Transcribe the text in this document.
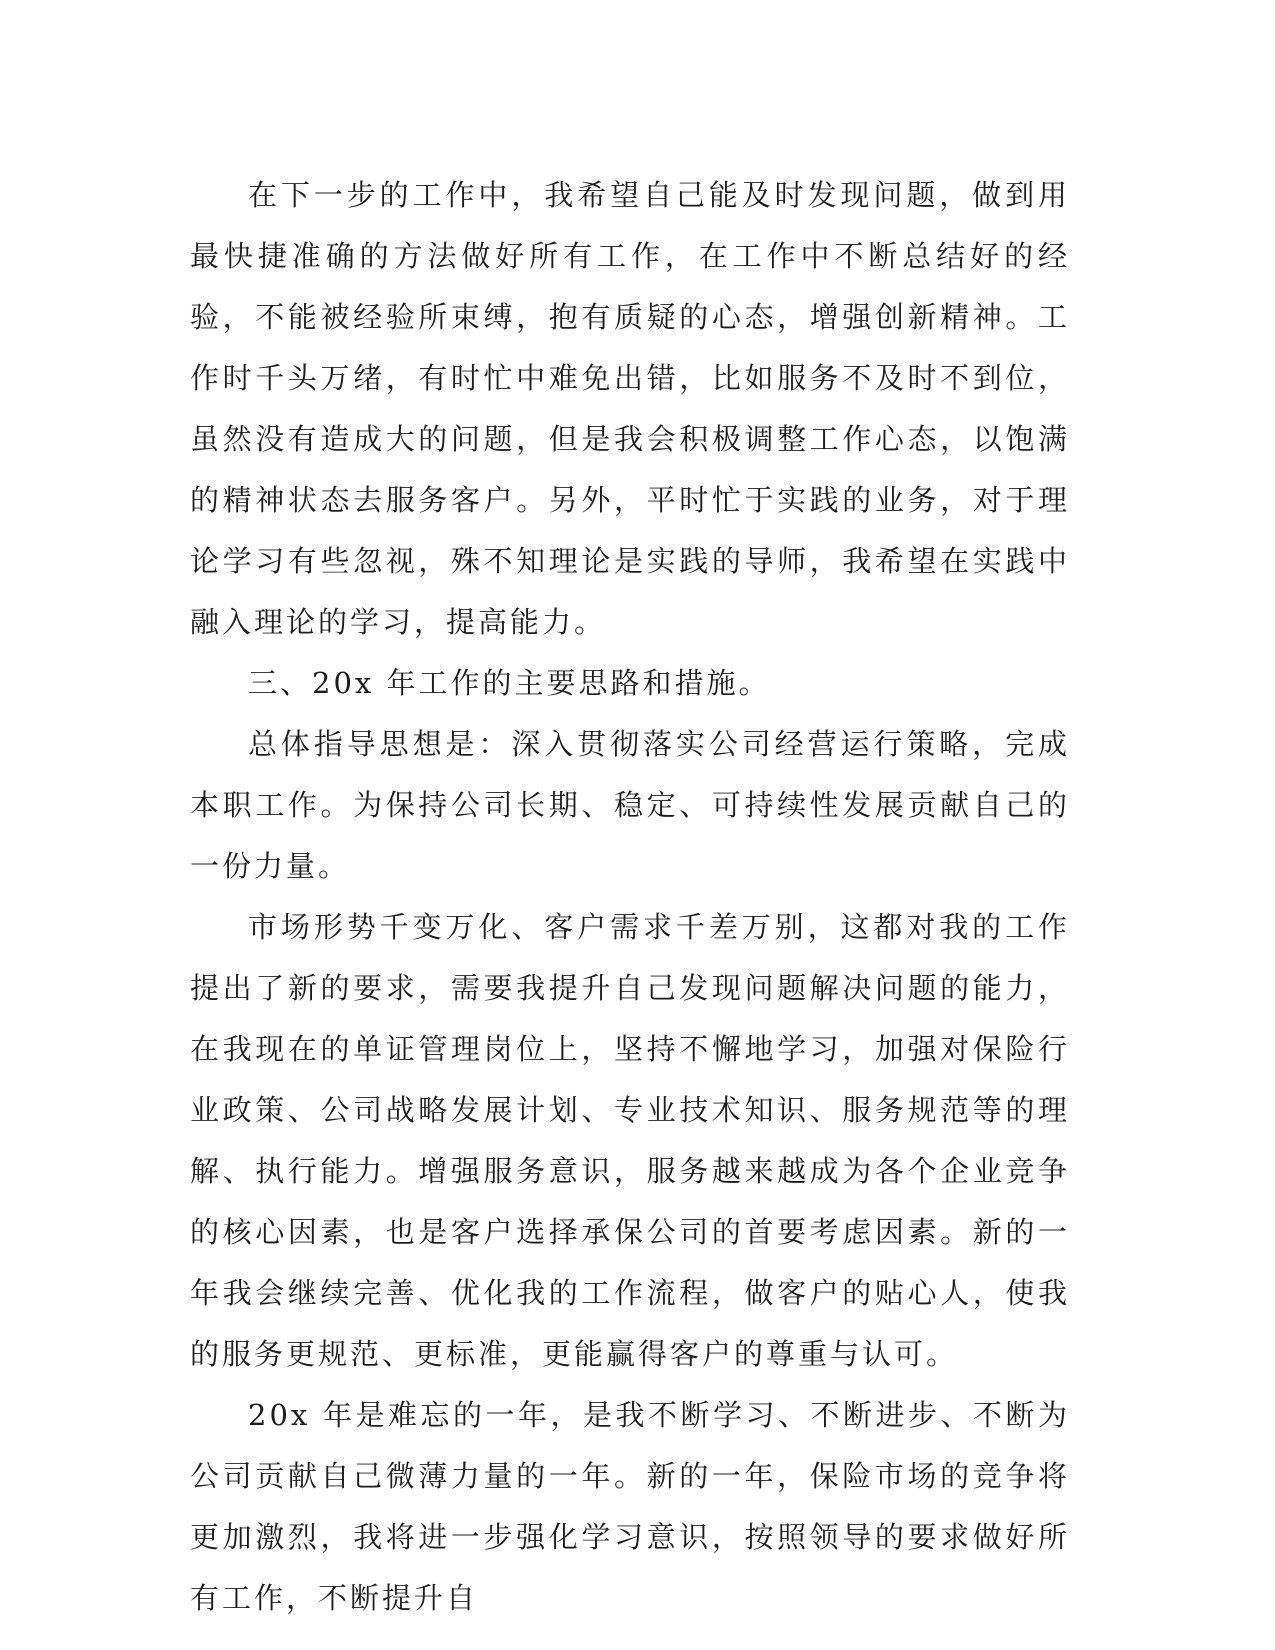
在下一步的工作中，我希望自己能及时发现问题，做到用最快捷准确的方法做好所有工作，在工作中不断总结好的经验，不能被经验所束缚，抱有质疑的心态，增强创新精神。工作时千头万绪，有时忙中难免出错，比如服务不及时不到位，虽然没有造成大的问题，但是我会积极调整工作心态，以饱满的精神状态去服务客户。另外，平时忙于实践的业务，对于理论学习有些忽视，殊不知理论是实践的导师，我希望在实践中融入理论的学习，提高能力。

三、20x 年工作的主要思路和措施。

总体指导思想是：深入贯彻落实公司经营运行策略，完成本职工作。为保持公司长期、稳定、可持续性发展贡献自己的一份力量。

市场形势千变万化、客户需求千差万别，这都对我的工作提出了新的要求，需要我提升自己发现问题解决问题的能力，在我现在的单证管理岗位上，坚持不懈地学习，加强对保险行业政策、公司战略发展计划、专业技术知识、服务规范等的理解、执行能力。增强服务意识，服务越来越成为各个企业竞争的核心因素，也是客户选择承保公司的首要考虑因素。新的一年我会继续完善、优化我的工作流程，做客户的贴心人，使我的服务更规范、更标准，更能赢得客户的尊重与认可。

20x 年是难忘的一年，是我不断学习、不断进步、不断为公司贡献自己微薄力量的一年。新的一年，保险市场的竞争将更加激烈，我将进一步强化学习意识，按照领导的要求做好所有工作，不断提升自
